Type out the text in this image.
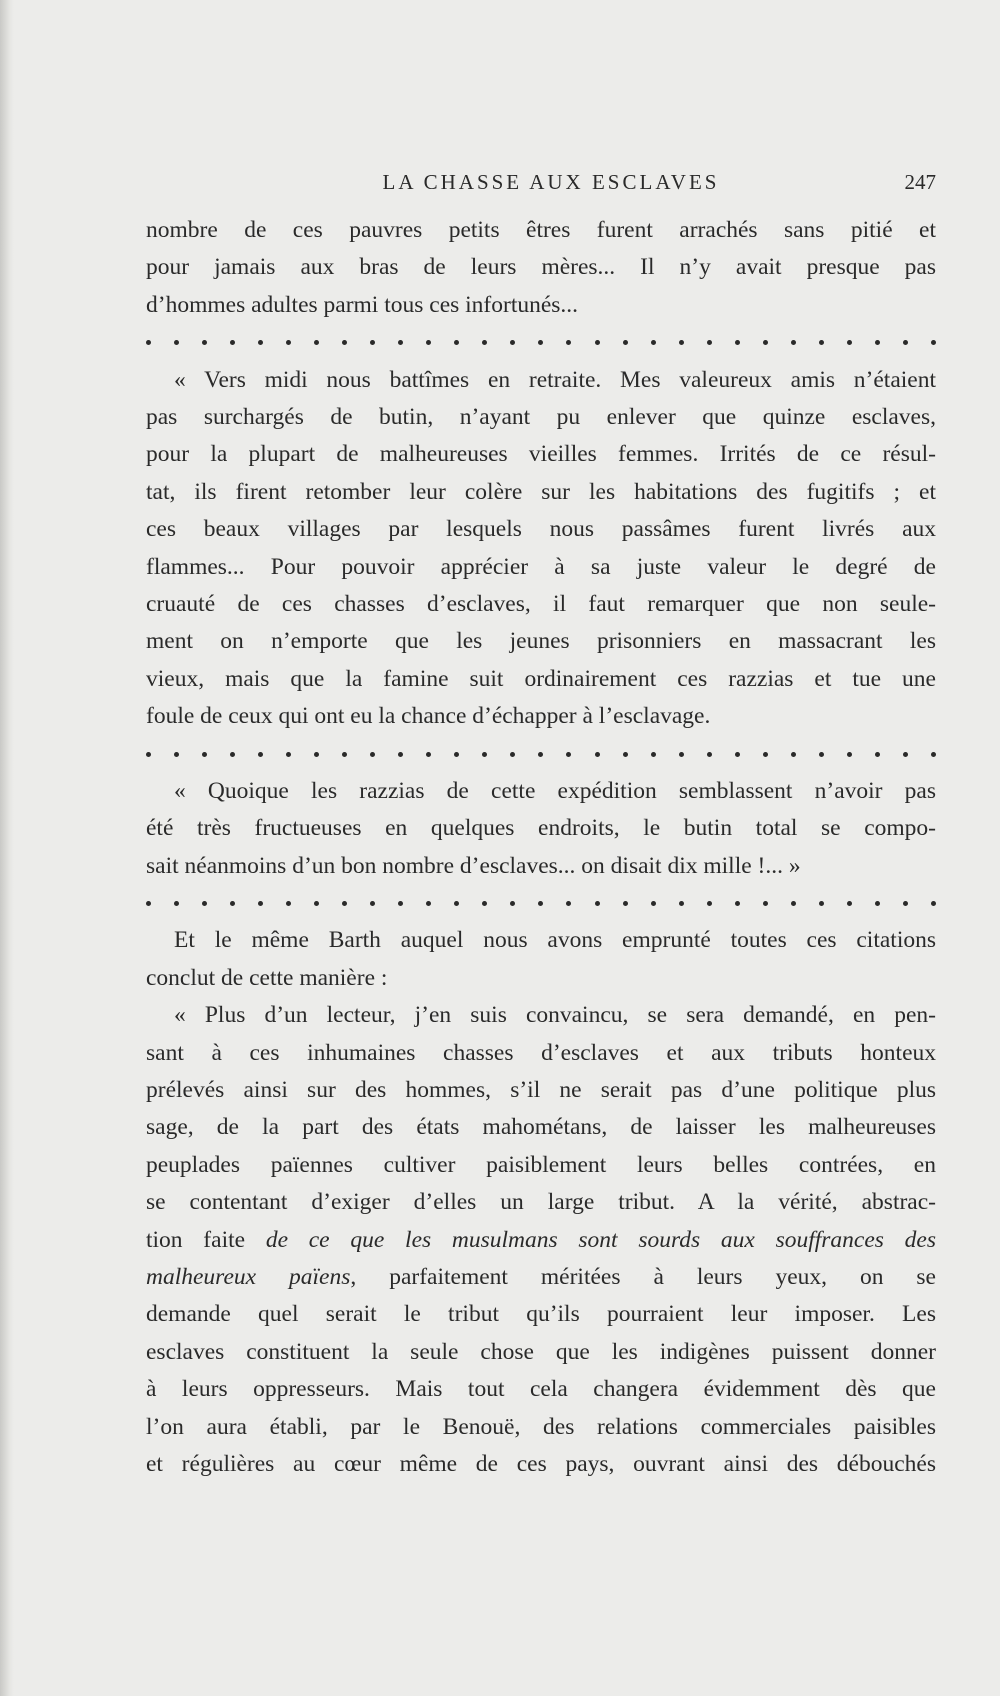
LA CHASSE AUX ESCLAVES	247
nombre de ces pauvres petits êtres furent arrachés sans pitié et
pour jamais aux bras de leurs mères... Il n’y avait presque pas
d’hommes adultes parmi tous ces infortunés...
« Vers midi nous battîmes en retraite. Mes valeureux amis n’étaient
pas surchargés de butin, n’ayant pu enlever que quinze esclaves,
pour la plupart de malheureuses vieilles femmes. Irrités de ce résul-
tat, ils firent retomber leur colère sur les habitations des fugitifs ; et
ces beaux villages par lesquels nous passâmes furent livrés aux
flammes... Pour pouvoir apprécier à sa juste valeur le degré de
cruauté de ces chasses d’esclaves, il faut remarquer que non seule-
ment on n’emporte que les jeunes prisonniers en massacrant les
vieux, mais que la famine suit ordinairement ces razzias et tue une
foule de ceux qui ont eu la chance d’échapper à l’esclavage.
« Quoique les razzias de cette expédition semblassent n’avoir pas
été très fructueuses en quelques endroits, le butin total se compo-
sait néanmoins d’un bon nombre d’esclaves... on disait dix mille !... »
Et le même Barth auquel nous avons emprunté toutes ces citations
conclut de cette manière :
« Plus d’un lecteur, j’en suis convaincu, se sera demandé, en pen-
sant à ces inhumaines chasses d’esclaves et aux tributs honteux
prélevés ainsi sur des hommes, s’il ne serait pas d’une politique plus
sage, de la part des états mahométans, de laisser les malheureuses
peuplades païennes cultiver paisiblement leurs belles contrées, en
se contentant d’exiger d’elles un large tribut. A la vérité, abstrac-
tion faite de ce que les musulmans sont sourds aux souffrances des
malheureux païens, parfaitement méritées à leurs yeux, on se
demande quel serait le tribut qu’ils pourraient leur imposer. Les
esclaves constituent la seule chose que les indigènes puissent donner
à leurs oppresseurs. Mais tout cela changera évidemment dès que
l’on aura établi, par le Benouë, des relations commerciales paisibles
et régulières au cœur même de ces pays, ouvrant ainsi des débouchés
